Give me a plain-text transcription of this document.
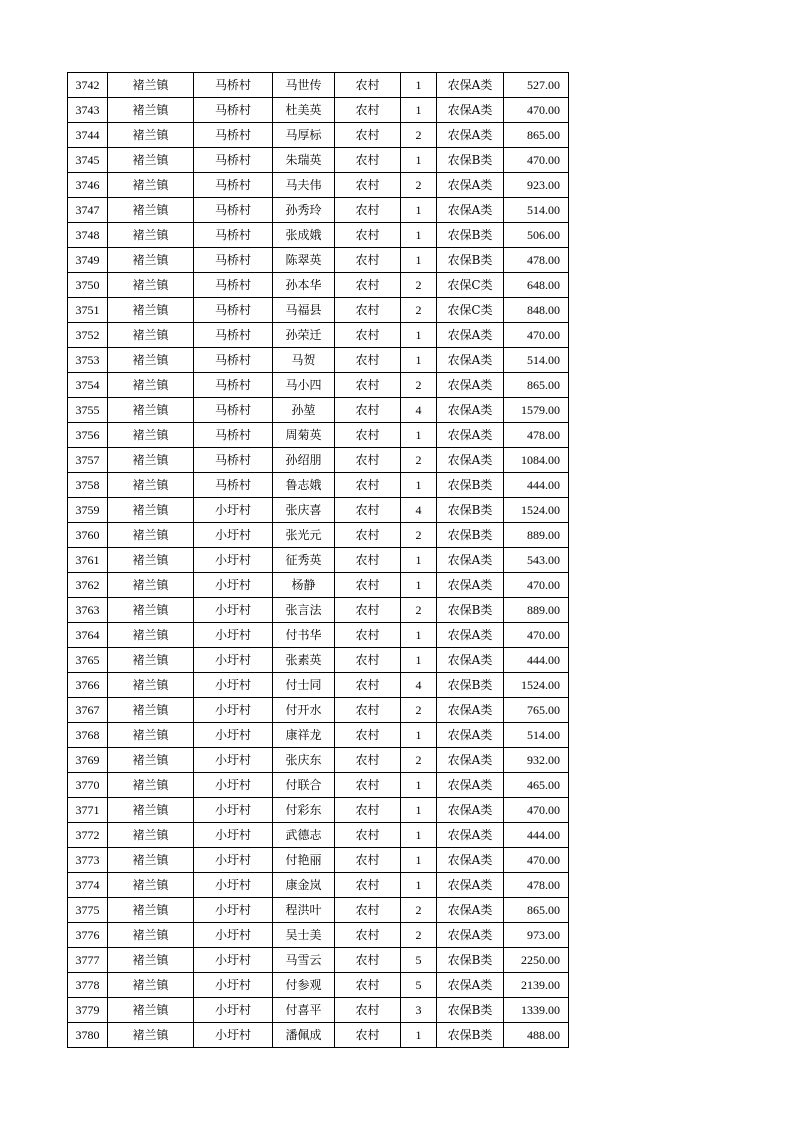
3742	褚兰镇	马桥村	马世传	农村	1	农保A类	527.00
3743	褚兰镇	马桥村	杜美英	农村	1	农保A类	470.00
3744	褚兰镇	马桥村	马厚标	农村	2	农保A类	865.00
3745	褚兰镇	马桥村	朱瑞英	农村	1	农保B类	470.00
3746	褚兰镇	马桥村	马夫伟	农村	2	农保A类	923.00
3747	褚兰镇	马桥村	孙秀玲	农村	1	农保A类	514.00
3748	褚兰镇	马桥村	张成娥	农村	1	农保B类	506.00
3749	褚兰镇	马桥村	陈翠英	农村	1	农保B类	478.00
3750	褚兰镇	马桥村	孙本华	农村	2	农保C类	648.00
3751	褚兰镇	马桥村	马福县	农村	2	农保C类	848.00
3752	褚兰镇	马桥村	孙荣迁	农村	1	农保A类	470.00
3753	褚兰镇	马桥村	马贺	农村	1	农保A类	514.00
3754	褚兰镇	马桥村	马小四	农村	2	农保A类	865.00
3755	褚兰镇	马桥村	孙堃	农村	4	农保A类	1579.00
3756	褚兰镇	马桥村	周菊英	农村	1	农保A类	478.00
3757	褚兰镇	马桥村	孙绍朋	农村	2	农保A类	1084.00
3758	褚兰镇	马桥村	鲁志娥	农村	1	农保B类	444.00
3759	褚兰镇	小圩村	张庆喜	农村	4	农保B类	1524.00
3760	褚兰镇	小圩村	张光元	农村	2	农保B类	889.00
3761	褚兰镇	小圩村	征秀英	农村	1	农保A类	543.00
3762	褚兰镇	小圩村	杨静	农村	1	农保A类	470.00
3763	褚兰镇	小圩村	张言法	农村	2	农保B类	889.00
3764	褚兰镇	小圩村	付书华	农村	1	农保A类	470.00
3765	褚兰镇	小圩村	张素英	农村	1	农保A类	444.00
3766	褚兰镇	小圩村	付士同	农村	4	农保B类	1524.00
3767	褚兰镇	小圩村	付开水	农村	2	农保A类	765.00
3768	褚兰镇	小圩村	康祥龙	农村	1	农保A类	514.00
3769	褚兰镇	小圩村	张庆东	农村	2	农保A类	932.00
3770	褚兰镇	小圩村	付联合	农村	1	农保A类	465.00
3771	褚兰镇	小圩村	付彩东	农村	1	农保A类	470.00
3772	褚兰镇	小圩村	武德志	农村	1	农保A类	444.00
3773	褚兰镇	小圩村	付艳丽	农村	1	农保A类	470.00
3774	褚兰镇	小圩村	康金岚	农村	1	农保A类	478.00
3775	褚兰镇	小圩村	程洪叶	农村	2	农保A类	865.00
3776	褚兰镇	小圩村	吴士美	农村	2	农保A类	973.00
3777	褚兰镇	小圩村	马雪云	农村	5	农保B类	2250.00
3778	褚兰镇	小圩村	付参观	农村	5	农保A类	2139.00
3779	褚兰镇	小圩村	付喜平	农村	3	农保B类	1339.00
3780	褚兰镇	小圩村	潘佩成	农村	1	农保B类	488.00
